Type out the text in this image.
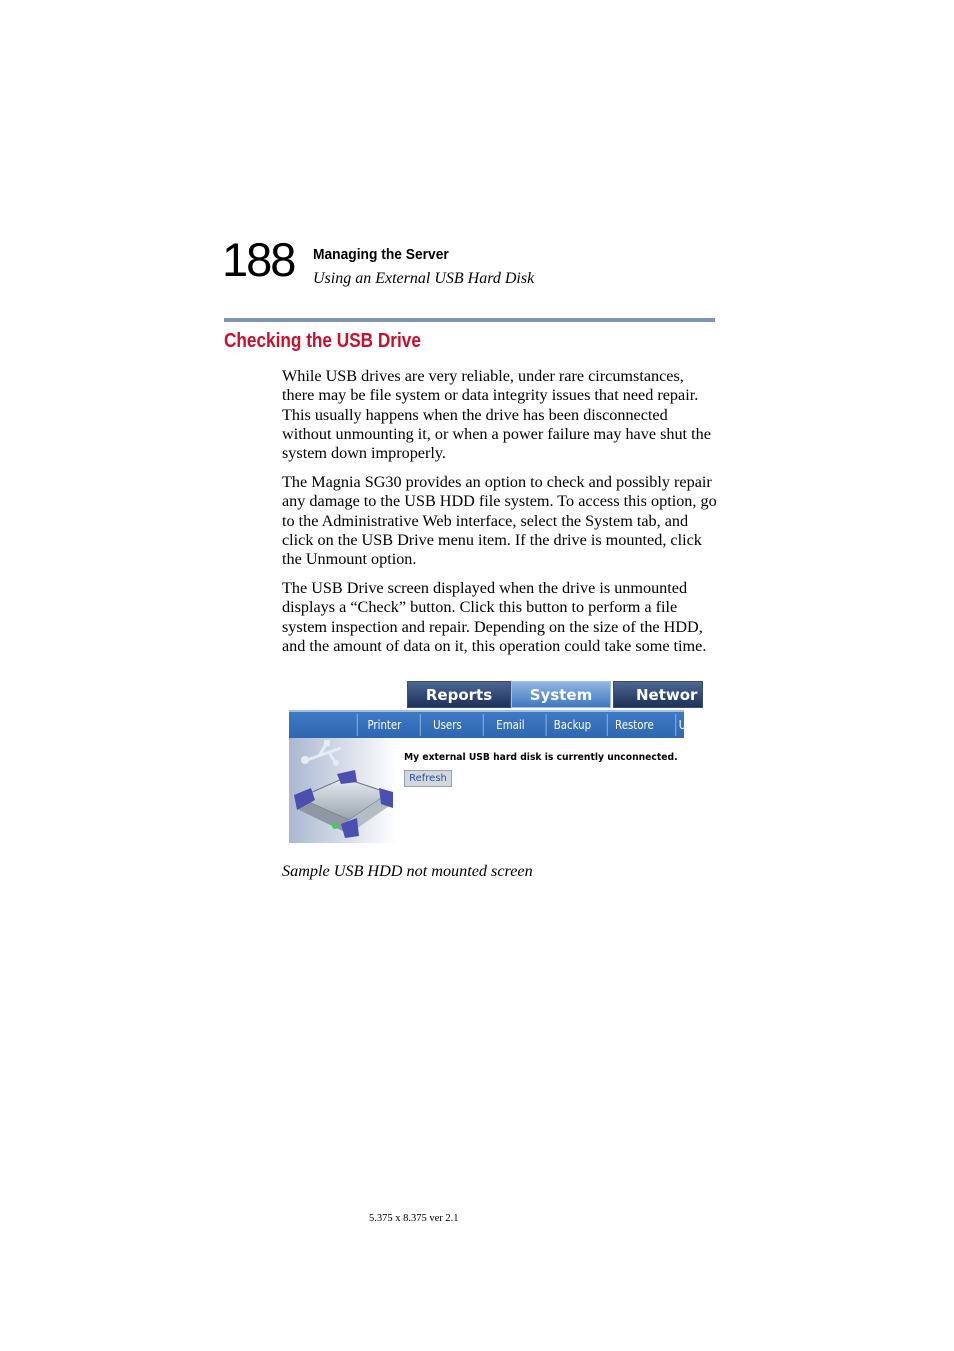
188 Managing the Server
Using an External USB Hard Disk
Checking the USB Drive

While USB drives are very reliable, under rare circumstances, there may be file system or data integrity issues that need repair. This usually happens when the drive has been disconnected without unmounting it, or when a power failure may have shut the system down improperly.

The Magnia SG30 provides an option to check and possibly repair any damage to the USB HDD file system. To access this option, go to the Administrative Web interface, select the System tab, and click on the USB Drive menu item. If the drive is mounted, click the Unmount option.

The USB Drive screen displayed when the drive is unmounted displays a “Check” button. Click this button to perform a file system inspection and repair. Depending on the size of the HDD, and the amount of data on it, this operation could take some time.

Reports	System	Networ
Printer	Users	Email	Backup	Restore	U
My external USB hard disk is currently unconnected.
Refresh
Sample USB HDD not mounted screen
5.375 x 8.375 ver 2.1
